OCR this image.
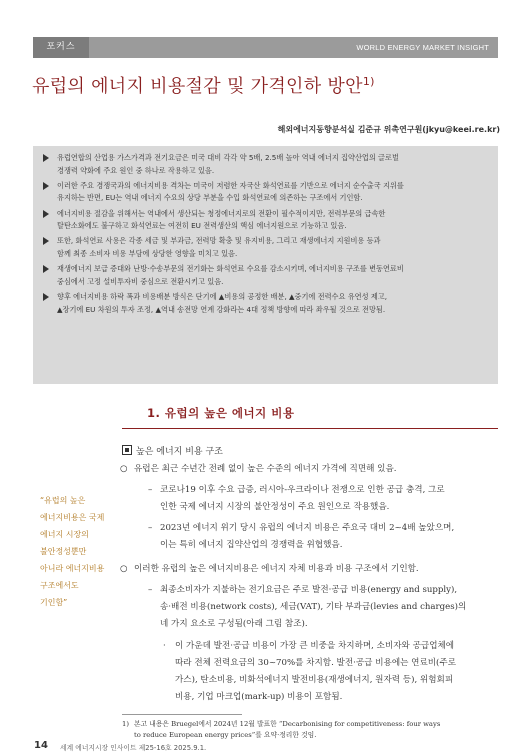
포커스	WORLD ENERGY MARKET INSIGHT
유럽의 에너지 비용절감 및 가격인하 방안$^{1)}$
해외에너지동향분석실 김준규 위촉연구원(jkyu@keei.re.kr)
유럽연합의 산업용 가스가격과 전기요금은 미국 대비 각각 약 5배, 2.5배 높아 역내 에너지 집약산업의 글로벌
경쟁력 약화에 주요 원인 중 하나로 작용하고 있음.
이러한 주요 경쟁국과의 에너지비용 격차는 미국이 저렴한 자국산 화석연료를 기반으로 에너지 순수출국 지위를
유지하는 반면, EU는 역내 에너지 수요의 상당 부분을 수입 화석연료에 의존하는 구조에서 기인함.
에너지비용 절감을 위해서는 역내에서 생산되는 청정에너지로의 전환이 필수적이지만, 전력부문의 급속한
탈탄소화에도 불구하고 화석연료는 여전히 EU 전력생산의 핵심 에너지원으로 기능하고 있음.
또한, 화석연료 사용은 각종 세금 및 부과금, 전력망 확충 및 유지비용, 그리고 재생에너지 지원비용 등과
함께 최종 소비자 비용 부담에 상당한 영향을 미치고 있음.
재생에너지 보급 증대와 난방·수송부문의 전기화는 화석연료 수요를 감소시키며, 에너지비용 구조를 변동연료비
중심에서 고정 설비투자비 중심으로 전환시키고 있음.
향후 에너지비용 하락 폭과 비용배분 방식은 단기에 ▲비용의 공정한 배분, ▲중기에 전력수요 유연성 제고,
▲장기에 EU 차원의 투자 조정, ▲역내 송전망 연계 강화라는 4대 정책 방향에 따라 좌우될 것으로 전망됨.
1. 유럽의 높은 에너지 비용
높은 에너지 비용 구조
○ 유럽은 최근 수년간 전례 없이 높은 수준의 에너지 가격에 직면해 있음.
– 코로나19 이후 수요 급증, 러시아-우크라이나 전쟁으로 인한 공급 충격, 그로
인한 국제 에너지 시장의 불안정성이 주요 원인으로 작용했음.
– 2023년 에너지 위기 당시 유럽의 에너지 비용은 주요국 대비 2~4배 높았으며,
이는 특히 에너지 집약산업의 경쟁력을 위협했음.
○ 이러한 유럽의 높은 에너지비용은 에너지 자체 비용과 비용 구조에서 기인함.
– 최종소비자가 지불하는 전기요금은 주로 발전·공급 비용(energy and supply),
송·배전 비용(network costs), 세금(VAT), 기타 부과금(levies and charges)의
네 가지 요소로 구성됨(아래 그림 참조).
· 이 가운데 발전·공급 비용이 가장 큰 비중을 차지하며, 소비자와 공급업체에
따라 전체 전력요금의 30~70%를 차지함. 발전·공급 비용에는 연료비(주로
가스), 탄소비용, 비화석에너지 발전비용(재생에너지, 원자력 등), 위험회피
비용, 기업 마크업(mark-up) 비용이 포함됨.
“유럽의 높은
에너지비용은 국제
에너지 시장의
불안정성뿐만
아니라 에너지비용
구조에서도
기인함”
1) 본고 내용은 Bruegel에서 2024년 12월 발표한 “Decarbonising for competitiveness: four ways
to reduce European energy prices”를 요약·정리한 것임.
14 세계 에너지시장 인사이트 제25-16호 2025.9.1.
